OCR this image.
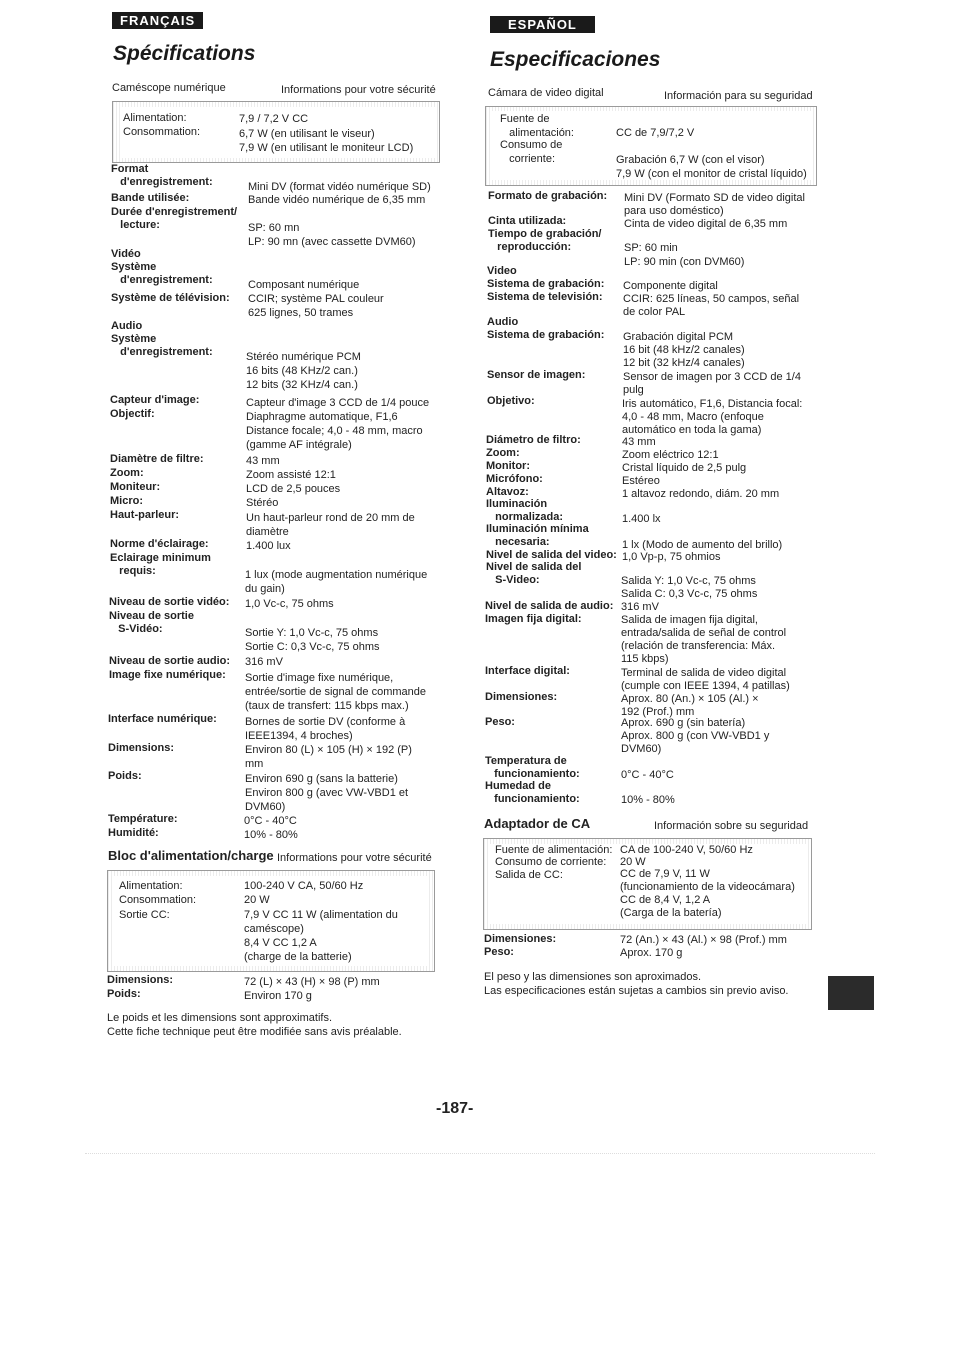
FRANÇAIS
Spécifications
Caméscope numérique	Informations pour votre sécurité
Alimentation:	7,9 / 7,2 V CC
Consommation:	6,7 W (en utilisant le viseur)
7,9 W (en utilisant le moniteur LCD)
Format
d'enregistrement:	Mini DV (format vidéo numérique SD)
Bande utilisée:	Bande vidéo numérique de 6,35 mm
Durée d'enregistrement/
lecture:	SP: 60 mn
LP: 90 mn (avec cassette DVM60)
Vidéo
Système
d'enregistrement:	Composant numérique
Système de télévision: CCIR; système PAL couleur
625 lignes, 50 trames
Audio
Système
d'enregistrement:	Stéréo numérique PCM
16 bits (48 KHz/2 can.)
12 bits (32 KHz/4 can.)
Capteur d'image:	Capteur d'image 3 CCD de 1/4 pouce
Objectif:	Diaphragme automatique, F1,6
Distance focale; 4,0 - 48 mm, macro
(gamme AF intégrale)
Diamètre de filtre:	43 mm
Zoom:	Zoom assisté 12:1
Moniteur:	LCD de 2,5 pouces
Micro:	Stéréo
Haut-parleur:	Un haut-parleur rond de 20 mm de
diamètre
Norme d'éclairage:	1.400 lux
Eclairage minimum
requis:	1 lux (mode augmentation numérique
du gain)
Niveau de sortie vidéo: 1,0 Vc-c, 75 ohms
Niveau de sortie
S-Vidéo:	Sortie Y: 1,0 Vc-c, 75 ohms
Sortie C: 0,3 Vc-c, 75 ohms
Niveau de sortie audio: 316 mV
Image fixe numérique: Sortie d'image fixe numérique,
entrée/sortie de signal de commande
(taux de transfert: 115 kbps max.)
Interface numérique:	Bornes de sortie DV (conforme à
IEEE1394, 4 broches)
Dimensions:	Environ 80 (L) × 105 (H) × 192 (P)
mm
Poids:	Environ 690 g (sans la batterie)
Environ 800 g (avec VW-VBD1 et
DVM60)
Température:	0°C - 40°C
Humidité:	10% - 80%
Bloc d'alimentation/charge Informations pour votre sécurité
Alimentation:	100-240 V CA, 50/60 Hz
Consommation:	20 W
Sortie CC:	7,9 V CC 11 W (alimentation du
caméscope)
8,4 V CC 1,2 A
(charge de la batterie)
Dimensions:	72 (L) × 43 (H) × 98 (P) mm
Poids:	Environ 170 g
Le poids et les dimensions sont approximatifs.
Cette fiche technique peut être modifiée sans avis préalable.
ESPAÑOL
Especificaciones
Cámara de video digital	Información para su seguridad
Fuente de
alimentación:	CC de 7,9/7,2 V
Consumo de
corriente:	Grabación 6,7 W (con el visor)
7,9 W (con el monitor de cristal líquido)
Formato de grabación: Mini DV (Formato SD de video digital
para uso doméstico)
Cinta utilizada:	Cinta de video digital de 6,35 mm
Tiempo de grabación/
reproducción:	SP: 60 min
LP: 90 min (con DVM60)
Video
Sistema de grabación: Componente digital
Sistema de televisión: CCIR: 625 líneas, 50 campos, señal
de color PAL
Audio
Sistema de grabación: Grabación digital PCM
16 bit (48 kHz/2 canales)
12 bit (32 kHz/4 canales)
Sensor de imagen:	Sensor de imagen por 3 CCD de 1/4
pulg
Objetivo:	Iris automático, F1,6, Distancia focal:
4,0 - 48 mm, Macro (enfoque
automático en toda la gama)
Diámetro de filtro:	43 mm
Zoom:	Zoom eléctrico 12:1
Monitor:	Cristal líquido de 2,5 pulg
Micrófono:	Estéreo
Altavoz:	1 altavoz redondo, diám. 20 mm
Iluminación
normalizada:	1.400 lx
Iluminación mínima
necesaria:	1 lx (Modo de aumento del brillo)
Nivel de salida del video: 1,0 Vp-p, 75 ohmios
Nivel de salida del
S-Video:	Salida Y: 1,0 Vc-c, 75 ohms
Salida C: 0,3 Vc-c, 75 ohms
Nivel de salida de audio: 316 mV
Imagen fija digital:	Salida de imagen fija digital,
entrada/salida de señal de control
(relación de transferencia: Máx.
115 kbps)
Interface digital:	Terminal de salida de video digital
(cumple con IEEE 1394, 4 patillas)
Dimensiones:	Aprox. 80 (An.) × 105 (Al.) ×
192 (Prof.) mm
Peso:	Aprox. 690 g (sin batería)
Aprox. 800 g (con VW-VBD1 y
DVM60)
Temperatura de
funcionamiento:	0°C - 40°C
Humedad de
funcionamiento:	10% - 80%
Adaptador de CA	Información sobre su seguridad
Fuente de alimentación: CA de 100-240 V, 50/60 Hz
Consumo de corriente: 20 W
Salida de CC:	CC de 7,9 V, 11 W
(funcionamiento de la videocámara)
CC de 8,4 V, 1,2 A
(Carga de la batería)
Dimensiones:	72 (An.) × 43 (Al.) × 98 (Prof.) mm
Peso:	Aprox. 170 g
El peso y las dimensiones son aproximados.
Las especificaciones están sujetas a cambios sin previo aviso.
-187-
